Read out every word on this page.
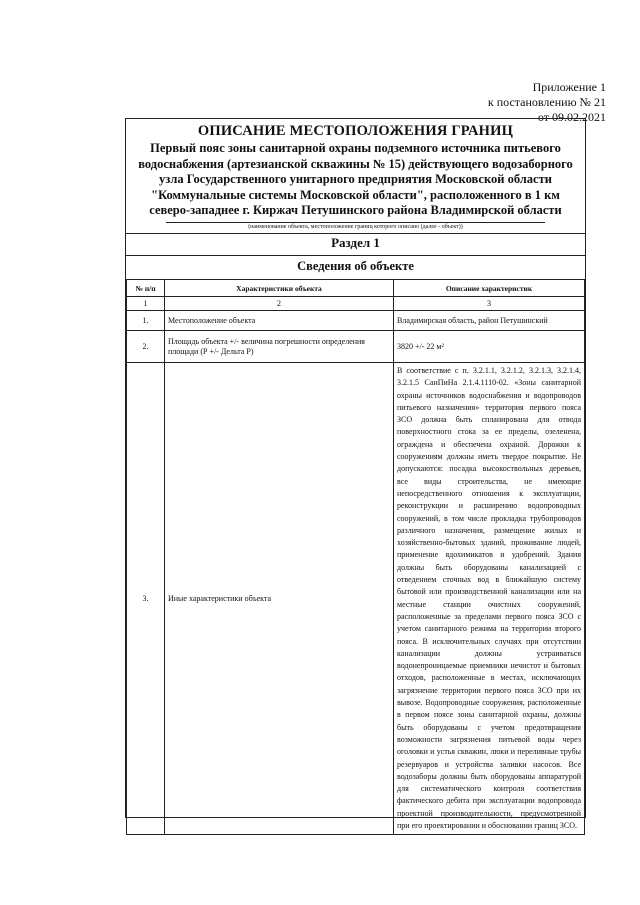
Приложение 1
к постановлению № 21
от 09.02.2021
ОПИСАНИЕ МЕСТОПОЛОЖЕНИЯ ГРАНИЦ
Первый пояс зоны санитарной охраны подземного источника питьевого водоснабжения (артезианской скважины № 15) действующего водозаборного узла Государственного унитарного предприятия Московской области "Коммунальные системы Московской области", расположенного в 1 км северо-западнее г. Киржач Петушинского района Владимирской области
(наименование объекта, местоположение границ которого описано (далее - объект))
Раздел 1
Сведения об объекте
№ п/п	Характеристики объекта	Описание характеристик
1	2	3
1.	Местоположение объекта	Владимирская область, район Петушинский
2.	Площадь объекта +/- величина погрешности определения площади (Р +/- Дельта Р)	3820 +/- 22 м²
3.	Иные характеристики объекта	В соответствие с п. 3.2.1.1, 3.2.1.2, 3.2.1.3, 3.2.1.4, 3.2.1.5 СанПиНа 2.1.4.1110-02. «Зоны санитарной охраны источников водоснабжения и водопроводов питьевого назначения» территория первого пояса ЗСО должна быть спланирована для отвода поверхностного стока за ее пределы, озеленена, ограждена и обеспечена охраной. Дорожки к сооружениям должны иметь твердое покрытие. Не допускаются: посадка высокоствольных деревьев, все виды строительства, не имеющие непосредственного отношения к эксплуатации, реконструкции и расширению водопроводных сооружений, в том числе прокладка трубопроводов различного назначения, размещение жилых и хозяйственно-бытовых зданий, проживание людей, применение ядохимикатов и удобрений. Здания должны быть оборудованы канализацией с отведением сточных вод в ближайшую систему бытовой или производственной канализации или на местные станции очистных сооружений, расположенные за пределами первого пояса ЗСО с учетом санитарного режима на территории второго пояса. В исключительных случаях при отсутствии канализации должны устраиваться водонепроницаемые приемники нечистот и бытовых отходов, расположенные в местах, исключающих загрязнение территории первого пояса ЗСО при их вывозе. Водопроводные сооружения, расположенные в первом поясе зоны санитарной охраны, должны быть оборудованы с учетом предотвращения возможности загрязнения питьевой воды через оголовки и устья скважин, люки и переливные трубы резервуаров и устройства заливки насосов. Все водозаборы должны быть оборудованы аппаратурой для систематического контроля соответствия фактического дебита при эксплуатации водопровода проектной производительности, предусмотренной при его проектировании и обосновании границ ЗСО.
